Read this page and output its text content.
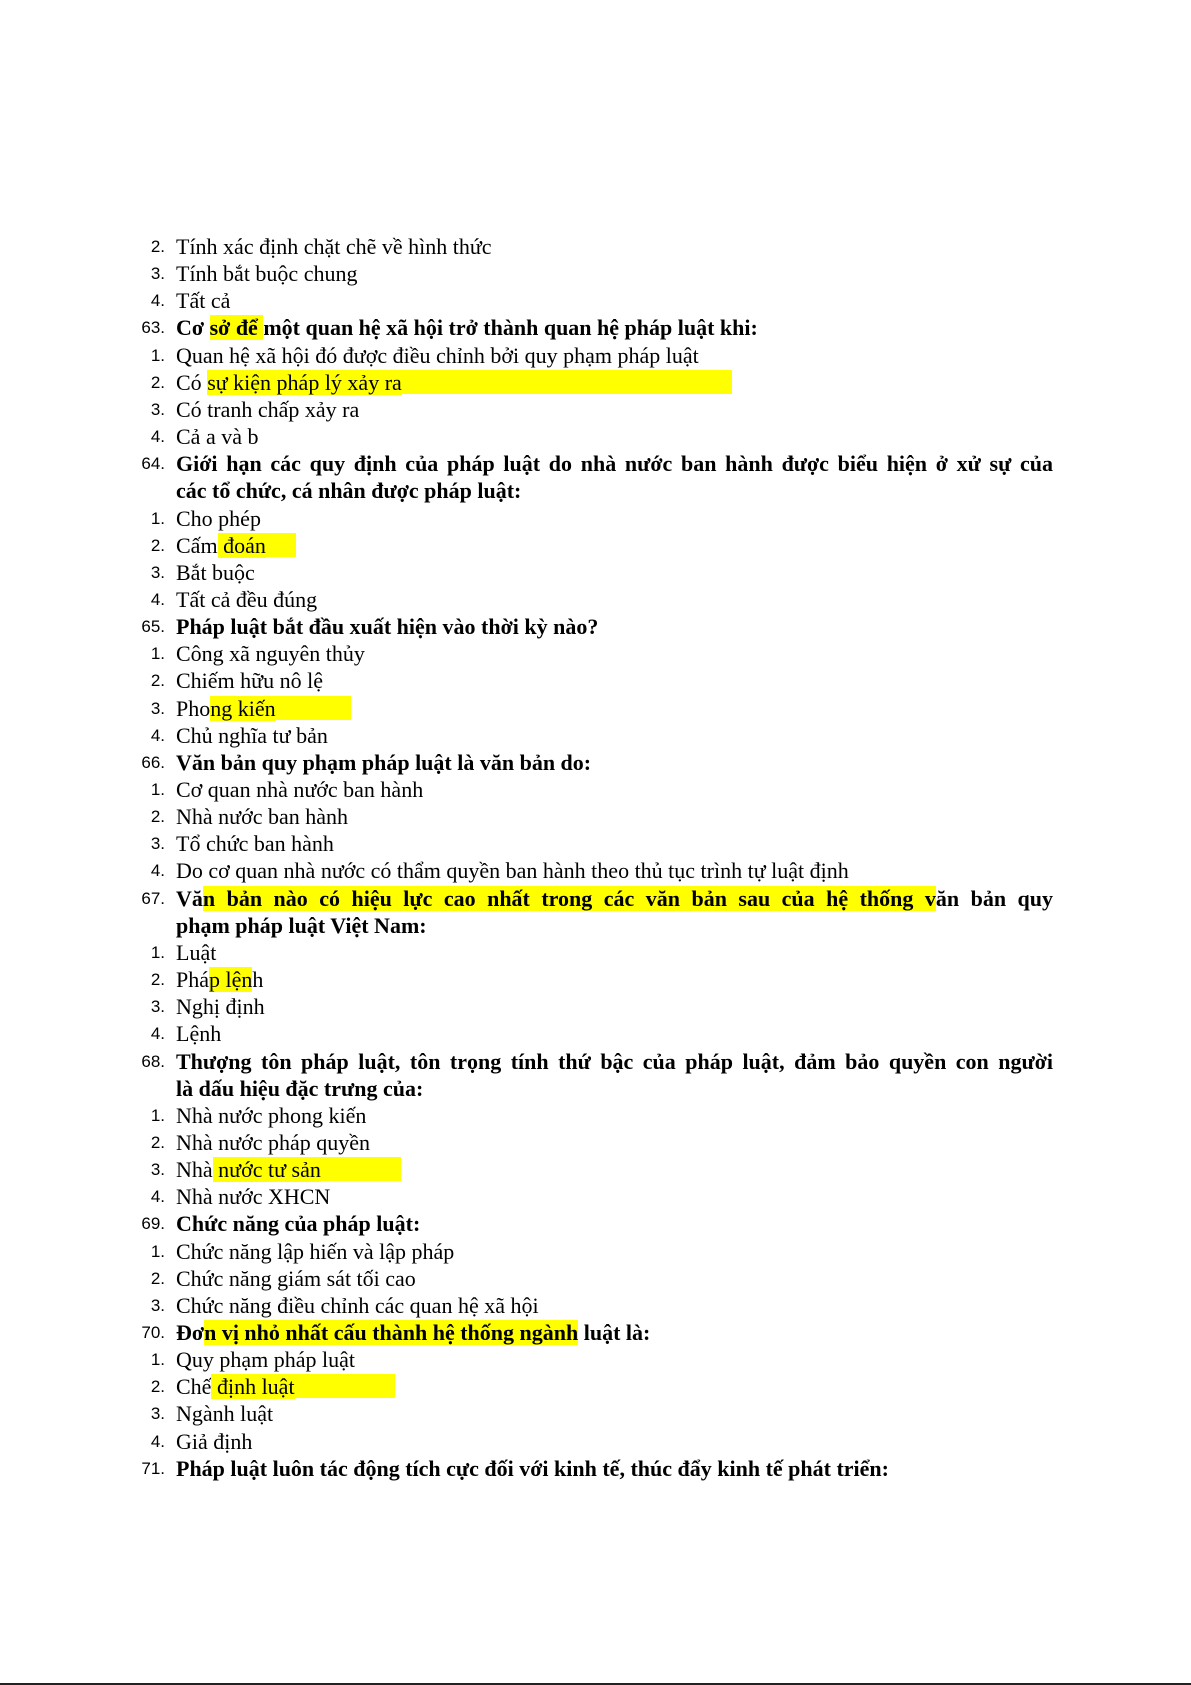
2. Tính xác định chặt chẽ về hình thức
3. Tính bắt buộc chung
4. Tất cả
63. Cơ sở để một quan hệ xã hội trở thành quan hệ pháp luật khi:
1. Quan hệ xã hội đó được điều chỉnh bởi quy phạm pháp luật
2. Có sự kiện pháp lý xảy ra
3. Có tranh chấp xảy ra
4. Cả a và b
64. Giới hạn các quy định của pháp luật do nhà nước ban hành được biểu hiện ở xử sự của
các tổ chức, cá nhân được pháp luật:
1. Cho phép
2. Cấm đoán
3. Bắt buộc
4. Tất cả đều đúng
65. Pháp luật bắt đầu xuất hiện vào thời kỳ nào?
1. Công xã nguyên thủy
2. Chiếm hữu nô lệ
3. Phong kiến
4. Chủ nghĩa tư bản
66. Văn bản quy phạm pháp luật là văn bản do:
1. Cơ quan nhà nước ban hành
2. Nhà nước ban hành
3. Tổ chức ban hành
4. Do cơ quan nhà nước có thẩm quyền ban hành theo thủ tục trình tự luật định
67. Văn bản nào có hiệu lực cao nhất trong các văn bản sau của hệ thống văn bản quy
phạm pháp luật Việt Nam:
1. Luật
2. Pháp lệnh
3. Nghị định
4. Lệnh
68. Thượng tôn pháp luật, tôn trọng tính thứ bậc của pháp luật, đảm bảo quyền con người
là dấu hiệu đặc trưng của:
1. Nhà nước phong kiến
2. Nhà nước pháp quyền
3. Nhà nước tư sản
4. Nhà nước XHCN
69. Chức năng của pháp luật:
1. Chức năng lập hiến và lập pháp
2. Chức năng giám sát tối cao
3. Chức năng điều chỉnh các quan hệ xã hội
70. Đơn vị nhỏ nhất cấu thành hệ thống ngành luật là:
1. Quy phạm pháp luật
2. Chế định luật
3. Ngành luật
4. Giả định
71. Pháp luật luôn tác động tích cực đối với kinh tế, thúc đẩy kinh tế phát triển:
